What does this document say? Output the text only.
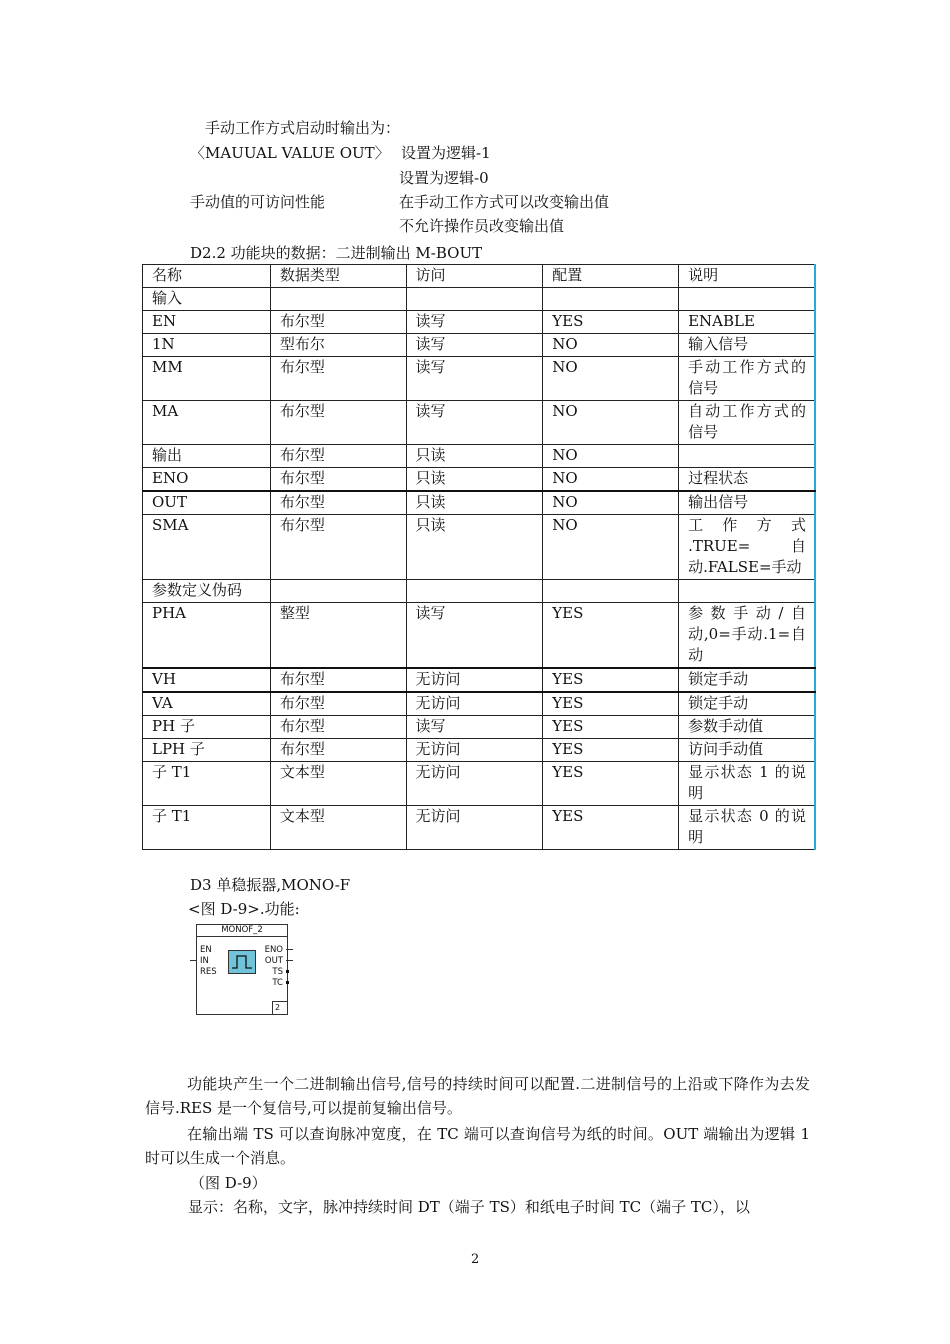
手动工作方式启动时输出为：
〈MAUUAL VALUE OUT〉 设置为逻辑-1
设置为逻辑-0
手动值的可访问性能	在手动工作方式可以改变输出值
不允许操作员改变输出值
D2.2 功能块的数据：二进制输出 M-BOUT
名称	数据类型	访问	配置	说明
输入				
EN	布尔型	读写	YES	ENABLE
1N	型布尔	读写	NO	输入信号
MM	布尔型	读写	NO	手动工作方式的信号
MA	布尔型	读写	NO	自动工作方式的信号
输出	布尔型	只读	NO	
ENO	布尔型	只读	NO	过程状态
OUT	布尔型	只读	NO	输出信号
SMA	布尔型	只读	NO	工作方式 .TRUE= 自动.FALSE=手动
参数定义伪码				
PHA	整型	读写	YES	参数手动/自动,0=手动.1=自动
VH	布尔型	无访问	YES	锁定手动
VA	布尔型	无访问	YES	锁定手动
PH 子	布尔型	读写	YES	参数手动值
LPH 子	布尔型	无访问	YES	访问手动值
子 T1	文本型	无访问	YES	显示状态 1 的说明
子 T1	文本型	无访问	YES	显示状态 0 的说明
D3 单稳振器,MONO-F
<图 D-9>.功能:
MONOF_2
EN
IN
RES
ENO
OUT
TS
TC
2
功能块产生一个二进制输出信号,信号的持续时间可以配置.二进制信号的上沿或下降作为去发信号.RES 是一个复信号,可以提前复输出信号。
在输出端 TS 可以查询脉冲宽度，在 TC 端可以查询信号为纸的时间。OUT 端输出为逻辑 1 时可以生成一个消息。
（图 D-9）
显示：名称，文字，脉冲持续时间 DT（端子 TS）和纸电子时间 TC（端子 TC），以
2
